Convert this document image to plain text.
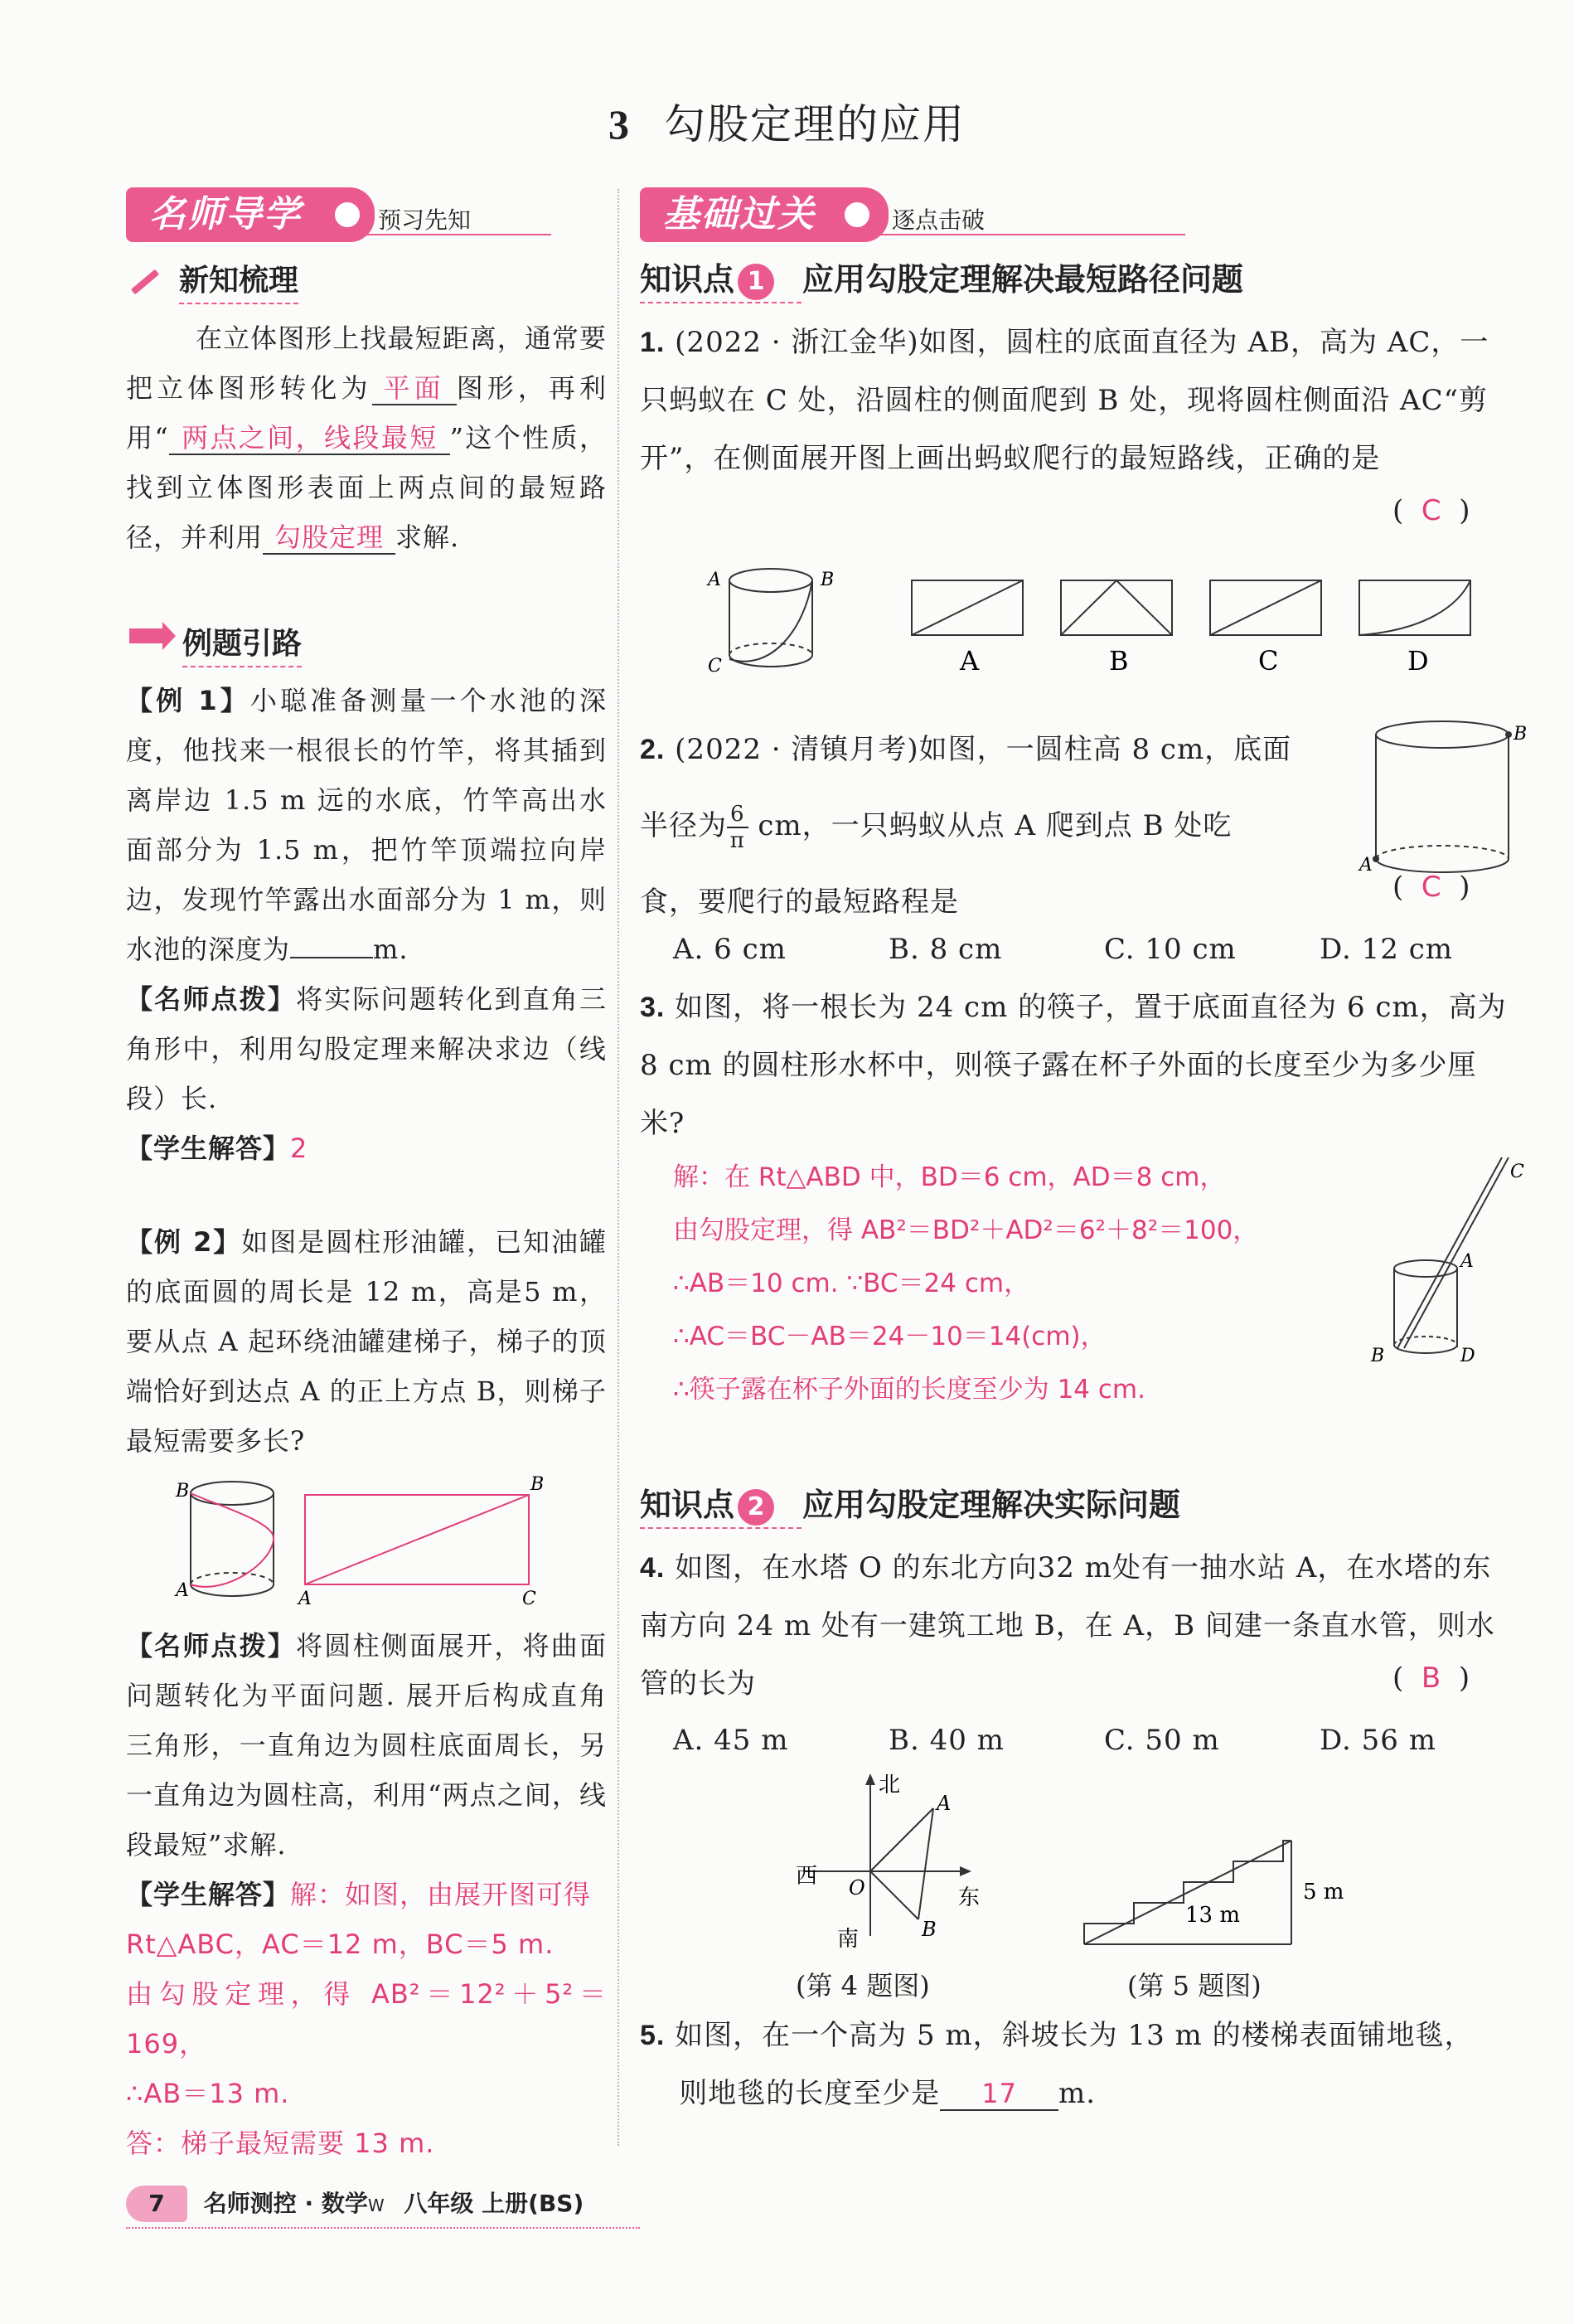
3 勾股定理的应用
名师导学	预习先知	基础过关	逐点击破
新知梳理
在立体图形上找最短距离，通常要把立体图形转化为 平面 图形，再利用“ 两点之间，线段最短 ”这个性质，找到立体图形表面上两点间的最短路径，并利用 勾股定理 求解.
例题引路
【例 1】小聪准备测量一个水池的深度，他找来一根很长的竹竿，将其插到离岸边 1.5 m 远的水底，竹竿高出水面部分为 1.5 m，把竹竿顶端拉向岸边，发现竹竿露出水面部分为 1 m，则水池的深度为	m.
【名师点拨】将实际问题转化到直角三角形中，利用勾股定理来解决求边（线段）长.
【学生解答】2
【例 2】如图是圆柱形油罐，已知油罐的底面圆的周长是 12 m，高是5 m，要从点 A 起环绕油罐建梯子，梯子的顶端恰好到达点 A 的正上方点 B，则梯子最短需要多长?
B
A
B
A	C
【名师点拨】将圆柱侧面展开，将曲面问题转化为平面问题. 展开后构成直角三角形，一直角边为圆柱底面周长，另一直角边为圆柱高，利用“两点之间，线段最短”求解.
【学生解答】解：如图，由展开图可得
Rt△ABC，AC＝12 m，BC＝5 m.
由勾股定理，得 AB²＝12²＋5²＝169，
∴AB＝13 m.
答：梯子最短需要 13 m.
知识点 1 应用勾股定理解决最短路径问题
1. (2022 · 浙江金华)如图，圆柱的底面直径为 AB，高为 AC，一只蚂蚁在 C 处，沿圆柱的侧面爬到 B 处，现将圆柱侧面沿 AC“剪开”，在侧面展开图上画出蚂蚁爬行的最短路线，正确的是
(  C  )
A	B
C	A	B	C	D
2. (2022 · 清镇月考)如图，一圆柱高 8 cm，底面
半径为 $\frac{6}{\pi}$ cm，一只蚂蚁从点 A 爬到点 B 处吃
食，要爬行的最短路程是	(  C  )
B
A
A. 6 cm	B. 8 cm	C. 10 cm	D. 12 cm
3. 如图，将一根长为 24 cm 的筷子，置于底面直径为 6 cm，高为 8 cm 的圆柱形水杯中，则筷子露在杯子外面的长度至少为多少厘米?
解：在 Rt△ABD 中，BD＝6 cm，AD＝8 cm，
由勾股定理，得 AB²＝BD²＋AD²＝6²＋8²＝100，
∴AB＝10 cm. ∵BC＝24 cm，
∴AC＝BC－AB＝24－10＝14(cm)，
∴筷子露在杯子外面的长度至少为 14 cm.
C
A
B	D
知识点 2 应用勾股定理解决实际问题
4. 如图，在水塔 O 的东北方向32 m处有一抽水站 A，在水塔的东南方向 24 m 处有一建筑工地 B，在 A，B 间建一条直水管，则水管的长为	(  B  )
A. 45 m	B. 40 m	C. 50 m	D. 56 m
北
西
东
南
O
A
B
(第 4 题图)
13 m
5 m
(第 5 题图)
5. 如图，在一个高为 5 m，斜坡长为 13 m 的楼梯表面铺地毯，
则地毯的长度至少是 17 m.
7 名师测控 · 数学W 八年级 上册(BS)
